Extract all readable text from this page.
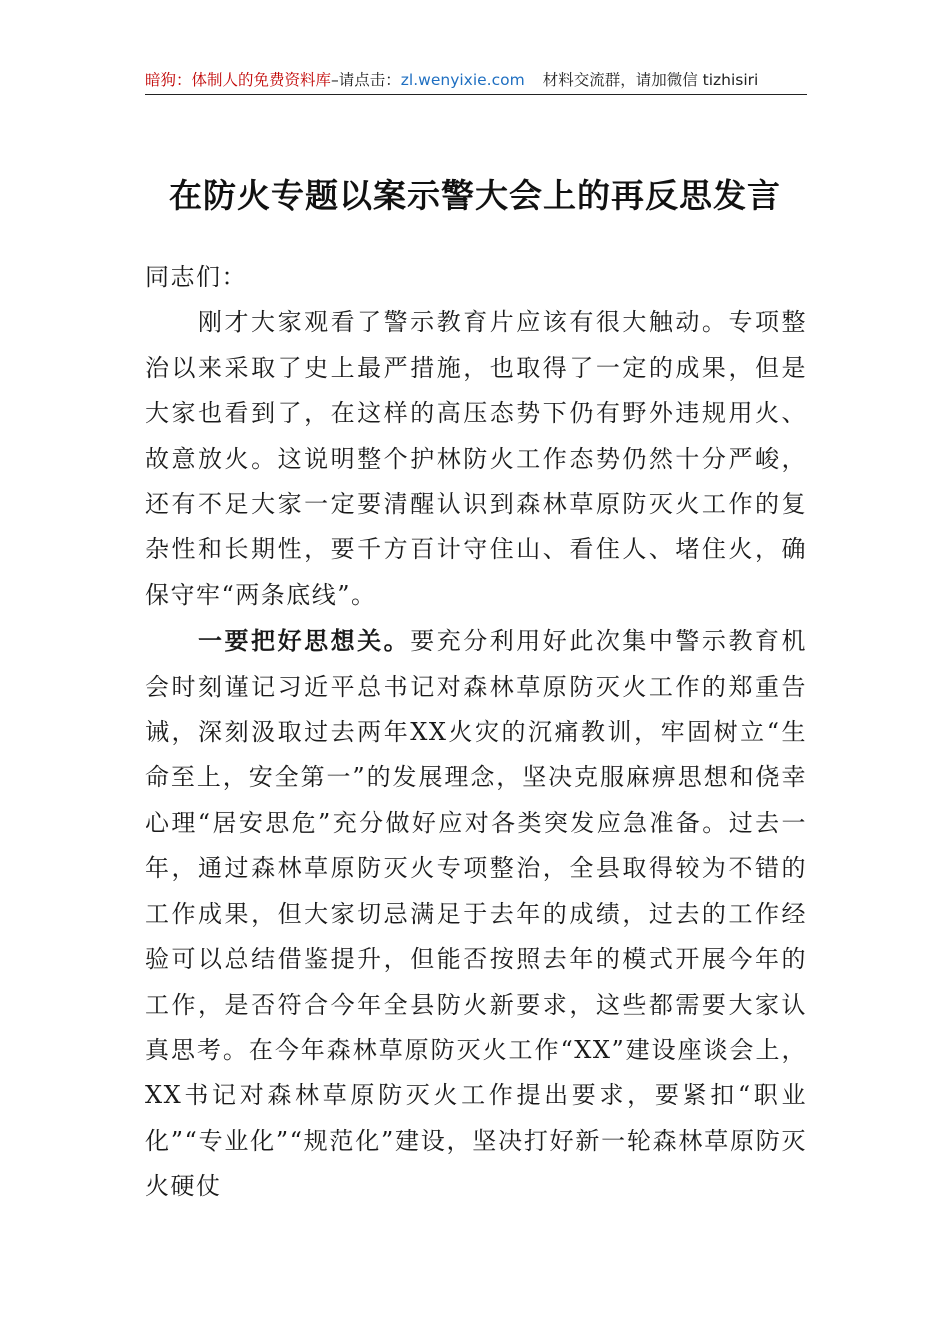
暗狗：体制人的免费资料库–请点击：zl.wenyixie.com 材料交流群，请加微信 tizhisiri
在防火专题以案示警大会上的再反思发言

同志们：

刚才大家观看了警示教育片应该有很大触动。专项整治以来采取了史上最严措施，也取得了一定的成果，但是大家也看到了，在这样的高压态势下仍有野外违规用火、故意放火。这说明整个护林防火工作态势仍然十分严峻，还有不足大家一定要清醒认识到森林草原防灭火工作的复杂性和长期性，要千方百计守住山、看住人、堵住火，确保守牢“两条底线”。

一要把好思想关。要充分利用好此次集中警示教育机会时刻谨记习近平总书记对森林草原防灭火工作的郑重告诫，深刻汲取过去两年XX火灾的沉痛教训，牢固树立“生命至上，安全第一”的发展理念，坚决克服麻痹思想和侥幸心理“居安思危”充分做好应对各类突发应急准备。过去一年，通过森林草原防灭火专项整治，全县取得较为不错的工作成果，但大家切忌满足于去年的成绩，过去的工作经验可以总结借鉴提升，但能否按照去年的模式开展今年的工作，是否符合今年全县防火新要求，这些都需要大家认真思考。在今年森林草原防灭火工作“XX”建设座谈会上，XX书记对森林草原防灭火工作提出要求，要紧扣“职业化”“专业化”“规范化”建设，坚决打好新一轮森林草原防灭火硬仗
